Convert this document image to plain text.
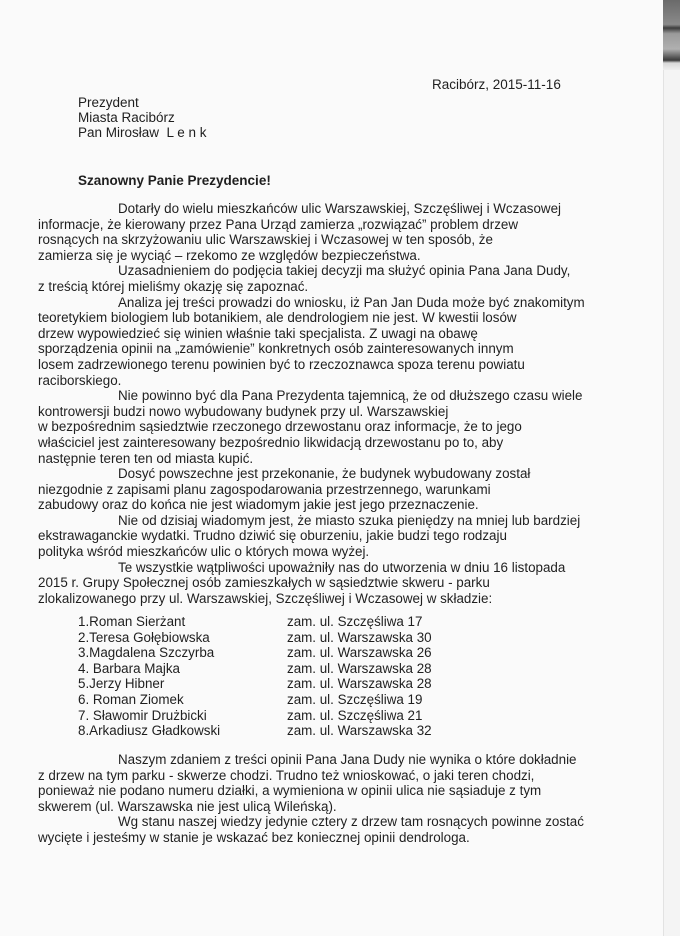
Racibórz, 2015-11-16
Prezydent
Miasta Racibórz
Pan Mirosław  L e n k
Szanowny Panie Prezydencie!

Dotarły do wielu mieszkańców ulic Warszawskiej, Szczęśliwej i Wczasowej
informacje, że kierowany przez Pana Urząd zamierza „rozwiązać” problem drzew
rosnących na skrzyżowaniu ulic Warszawskiej i Wczasowej w ten sposób, że
zamierza się je wyciąć – rzekomo ze względów bezpieczeństwa.

Uzasadnieniem do podjęcia takiej decyzji ma służyć opinia Pana Jana Dudy,
z treścią której mieliśmy okazję się zapoznać.

Analiza jej treści prowadzi do wniosku, iż Pan Jan Duda może być znakomitym
teoretykiem biologiem lub botanikiem, ale dendrologiem nie jest. W kwestii losów
drzew wypowiedzieć się winien właśnie taki specjalista. Z uwagi na obawę
sporządzenia opinii na „zamówienie” konkretnych osób zainteresowanych innym
losem zadrzewionego terenu powinien być to rzeczoznawca spoza terenu powiatu
raciborskiego.

Nie powinno być dla Pana Prezydenta tajemnicą, że od dłuższego czasu wiele
kontrowersji budzi nowo wybudowany budynek przy ul. Warszawskiej
w bezpośrednim sąsiedztwie rzeczonego drzewostanu oraz informacje, że to jego
właściciel jest zainteresowany bezpośrednio likwidacją drzewostanu po to, aby
następnie teren ten od miasta kupić.

Dosyć powszechne jest przekonanie, że budynek wybudowany został
niezgodnie z zapisami planu zagospodarowania przestrzennego, warunkami
zabudowy oraz do końca nie jest wiadomym jakie jest jego przeznaczenie.

Nie od dzisiaj wiadomym jest, że miasto szuka pieniędzy na mniej lub bardziej
ekstrawaganckie wydatki. Trudno dziwić się oburzeniu, jakie budzi tego rodzaju
polityka wśród mieszkańców ulic o których mowa wyżej.

Te wszystkie wątpliwości upoważniły nas do utworzenia w dniu 16 listopada
2015 r. Grupy Społecznej osób zamieszkałych w sąsiedztwie skweru - parku
zlokalizowanego przy ul. Warszawskiej, Szczęśliwej i Wczasowej w składzie:

1.Roman Sierżant	zam. ul. Szczęśliwa 17
2.Teresa Gołębiowska	zam. ul. Warszawska 30
3.Magdalena Szczyrba	zam. ul. Warszawska 26
4. Barbara Majka	zam. ul. Warszawska 28
5.Jerzy Hibner	zam. ul. Warszawska 28
6. Roman Ziomek	zam. ul. Szczęśliwa 19
7. Sławomir Drużbicki	zam. ul. Szczęśliwa 21
8.Arkadiusz Gładkowski	zam. ul. Warszawska 32

Naszym zdaniem z treści opinii Pana Jana Dudy nie wynika o które dokładnie
z drzew na tym parku - skwerze chodzi. Trudno też wnioskować, o jaki teren chodzi,
ponieważ nie podano numeru działki, a wymieniona w opinii ulica nie sąsiaduje z tym
skwerem (ul. Warszawska nie jest ulicą Wileńską).

Wg stanu naszej wiedzy jedynie cztery z drzew tam rosnących powinne zostać
wycięte i jesteśmy w stanie je wskazać bez koniecznej opinii dendrologa.
